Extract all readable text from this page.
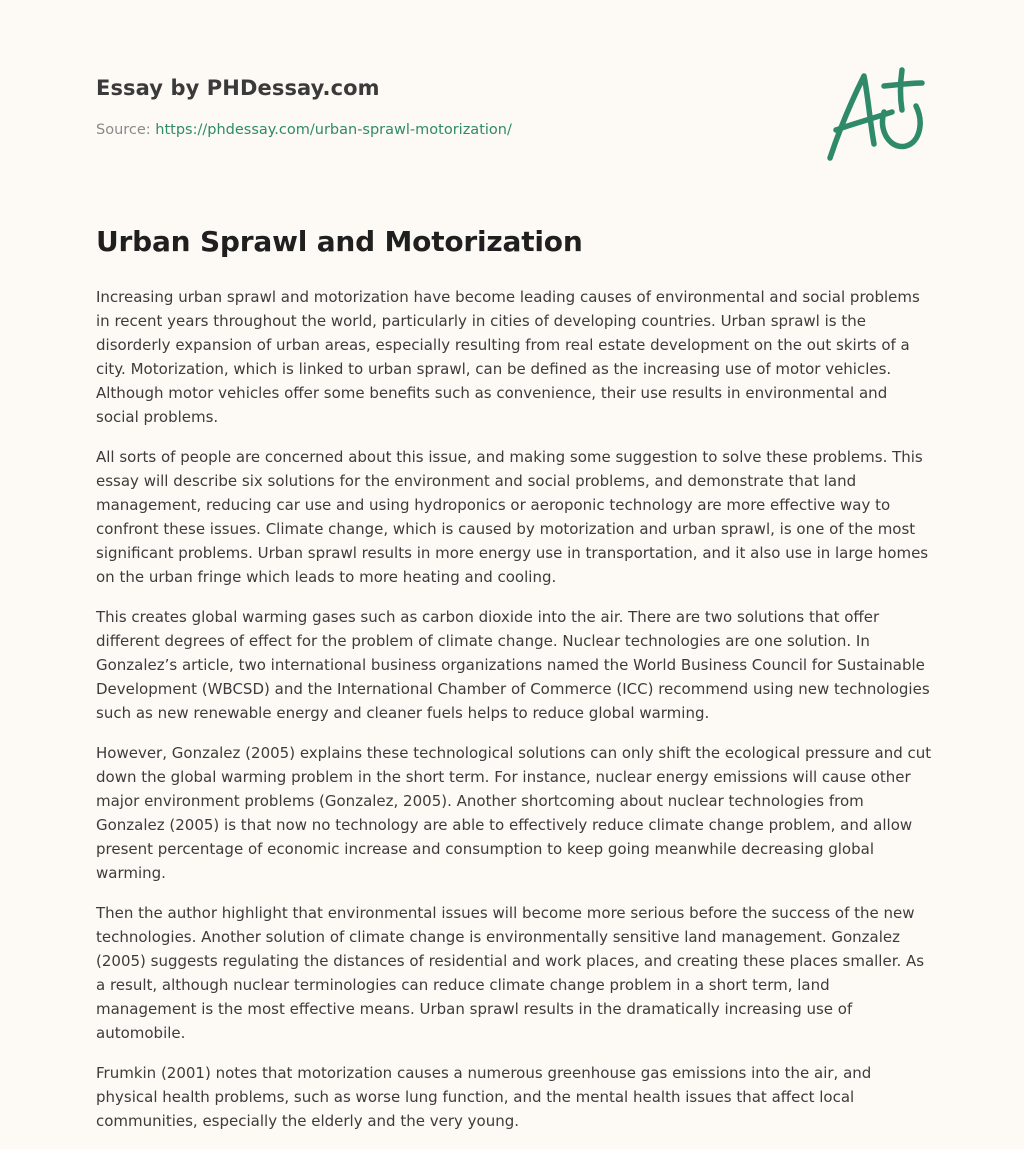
Essay by PHDessay.com
Source: https://phdessay.com/urban-sprawl-motorization/
Urban Sprawl and Motorization

Increasing urban sprawl and motorization have become leading causes of environmental and social problems in recent years throughout the world, particularly in cities of developing countries. Urban sprawl is the disorderly expansion of urban areas, especially resulting from real estate development on the out skirts of a city. Motorization, which is linked to urban sprawl, can be defined as the increasing use of motor vehicles. Although motor vehicles offer some benefits such as convenience, their use results in environmental and social problems.

All sorts of people are concerned about this issue, and making some suggestion to solve these problems. This essay will describe six solutions for the environment and social problems, and demonstrate that land management, reducing car use and using hydroponics or aeroponic technology are more effective way to confront these issues. Climate change, which is caused by motorization and urban sprawl, is one of the most significant problems. Urban sprawl results in more energy use in transportation, and it also use in large homes on the urban fringe which leads to more heating and cooling.

This creates global warming gases such as carbon dioxide into the air. There are two solutions that offer different degrees of effect for the problem of climate change. Nuclear technologies are one solution. In Gonzalez’s article, two international business organizations named the World Business Council for Sustainable Development (WBCSD) and the International Chamber of Commerce (ICC) recommend using new technologies such as new renewable energy and cleaner fuels helps to reduce global warming.

However, Gonzalez (2005) explains these technological solutions can only shift the ecological pressure and cut down the global warming problem in the short term. For instance, nuclear energy emissions will cause other major environment problems (Gonzalez, 2005). Another shortcoming about nuclear technologies from Gonzalez (2005) is that now no technology are able to effectively reduce climate change problem, and allow present percentage of economic increase and consumption to keep going meanwhile decreasing global warming.

Then the author highlight that environmental issues will become more serious before the success of the new technologies. Another solution of climate change is environmentally sensitive land management. Gonzalez (2005) suggests regulating the distances of residential and work places, and creating these places smaller. As a result, although nuclear terminologies can reduce climate change problem in a short term, land management is the most effective means. Urban sprawl results in the dramatically increasing use of automobile.

Frumkin (2001) notes that motorization causes a numerous greenhouse gas emissions into the air, and physical health problems, such as worse lung function, and the mental health issues that affect local communities, especially the elderly and the very young.
